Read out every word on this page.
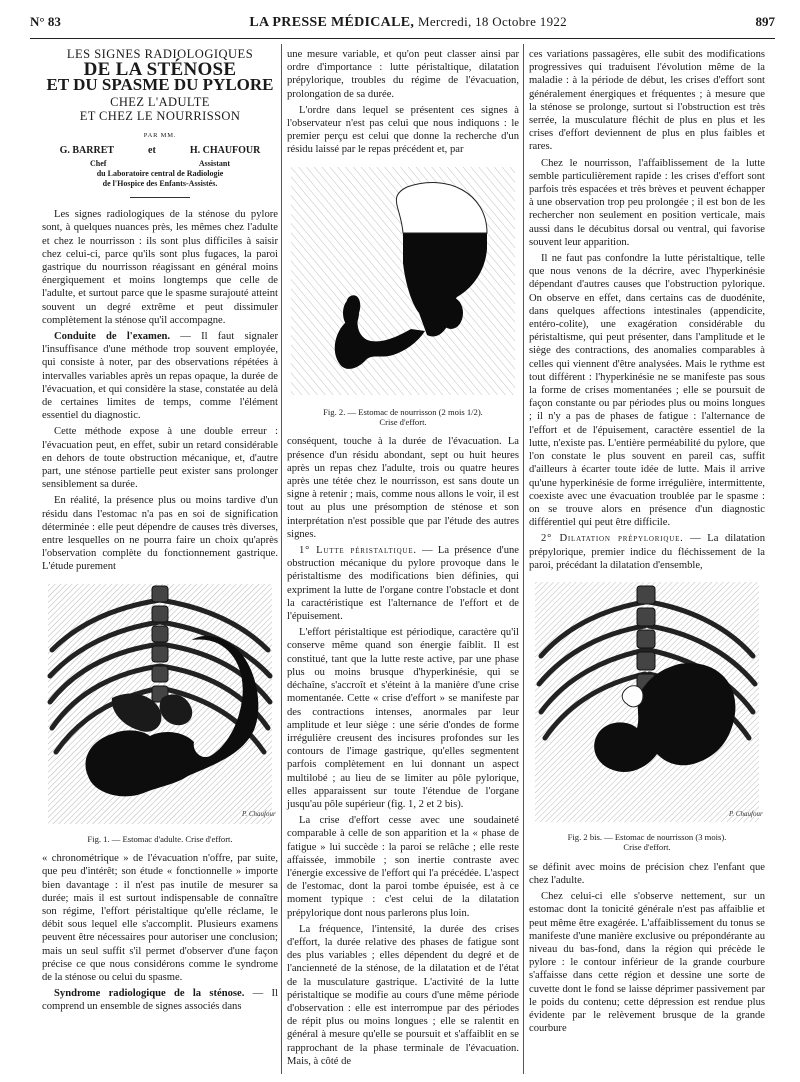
N° 83	LA PRESSE MÉDICALE, Mercredi, 18 Octobre 1922	897
LES SIGNES RADIOLOGIQUES
DE LA STÉNOSE
ET DU SPASME DU PYLORE
CHEZ L'ADULTE
ET CHEZ LE NOURRISSON
PAR MM.
G. BARRET	et	H. CHAUFOUR
Chef	Assistant
du Laboratoire central de Radiologie
de l'Hospice des Enfants-Assistés.

Les signes radiologiques de la sténose du pylore sont, à quelques nuances près, les mêmes chez l'adulte et chez le nourrisson : ils sont plus difficiles à saisir chez celui-ci, parce qu'ils sont plus fugaces, la paroi gastrique du nourrisson réagissant en général moins énergiquement et moins longtemps que celle de l'adulte, et surtout parce que le spasme surajouté atteint souvent un degré extrême et peut dissimuler complètement la sténose qu'il accompagne.

Conduite de l'examen. — Il faut signaler l'insuffisance d'une méthode trop souvent employée, qui consiste à noter, par des observations répétées à intervalles variables après un repas opaque, la durée de l'évacuation, et qui considère la stase, constatée au delà de certaines limites de temps, comme l'élément essentiel du diagnostic.

Cette méthode expose à une double erreur : l'évacuation peut, en effet, subir un retard considérable en dehors de toute obstruction mécanique, et, d'autre part, une sténose partielle peut exister sans prolonger sensiblement sa durée.

En réalité, la présence plus ou moins tardive d'un résidu dans l'estomac n'a pas en soi de signification déterminée : elle peut dépendre de causes très diverses, entre lesquelles on ne pourra faire un choix qu'après l'observation complète du fonctionnement gastrique. L'étude purement

P. Chaufour
Fig. 1. — Estomac d'adulte. Crise d'effort.

« chronométrique » de l'évacuation n'offre, par suite, que peu d'intérêt; son étude « fonctionnelle » importe bien davantage : il n'est pas inutile de mesurer sa durée; mais il est surtout indispensable de connaître son régime, l'effort péristaltique qu'elle réclame, le débit sous lequel elle s'accomplit. Plusieurs examens peuvent être nécessaires pour autoriser une conclusion; mais un seul suffit s'il permet d'observer d'une façon précise ce que nous considérons comme le syndrome de la sténose ou celui du spasme.

Syndrome radiologique de la sténose. — Il comprend un ensemble de signes associés dans

une mesure variable, et qu'on peut classer ainsi par ordre d'importance : lutte péristaltique, dilatation prépylorique, troubles du régime de l'évacuation, prolongation de sa durée.

L'ordre dans lequel se présentent ces signes à l'observateur n'est pas celui que nous indiquons : le premier perçu est celui que donne la recherche d'un résidu laissé par le repas précédent et, par

Fig. 2. — Estomac de nourrisson (2 mois 1/2).
Crise d'effort.

conséquent, touche à la durée de l'évacuation. La présence d'un résidu abondant, sept ou huit heures après un repas chez l'adulte, trois ou quatre heures après une tétée chez le nourrisson, est sans doute un signe à retenir ; mais, comme nous allons le voir, il est tout au plus une présomption de sténose et son interprétation n'est possible que par l'étude des autres signes.

1° Lutte péristaltique. — La présence d'une obstruction mécanique du pylore provoque dans le péristaltisme des modifications bien définies, qui expriment la lutte de l'organe contre l'obstacle et dont la caractéristique est l'alternance de l'effort et de l'épuisement.

L'effort péristaltique est périodique, caractère qu'il conserve même quand son énergie faiblit. Il est constitué, tant que la lutte reste active, par une phase plus ou moins brusque d'hyperkinésie, qui se déchaîne, s'accroît et s'éteint à la manière d'une crise momentanée. Cette « crise d'effort » se manifeste par des contractions intenses, anormales par leur amplitude et leur siège : une série d'ondes de forme irrégulière creusent des incisures profondes sur les contours de l'image gastrique, qu'elles segmentent parfois complètement en lui donnant un aspect multilobé ; au lieu de se limiter au pôle pylorique, elles apparaissent sur toute l'étendue de l'organe jusqu'au pôle supérieur (fig. 1, 2 et 2 bis).

La crise d'effort cesse avec une soudaineté comparable à celle de son apparition et la « phase de fatigue » lui succède : la paroi se relâche ; elle reste affaissée, immobile ; son inertie contraste avec l'énergie excessive de l'effort qui l'a précédée. L'aspect de l'estomac, dont la paroi tombe épuisée, est à ce moment typique : c'est celui de la dilatation prépylorique dont nous parlerons plus loin.

La fréquence, l'intensité, la durée des crises d'effort, la durée relative des phases de fatigue sont des plus variables ; elles dépendent du degré et de l'ancienneté de la sténose, de la dilatation et de l'état de la musculature gastrique. L'activité de la lutte péristaltique se modifie au cours d'une même période d'observation : elle est interrompue par des périodes de répit plus ou moins longues ; elle se ralentit en général à mesure qu'elle se poursuit et s'affaiblit en se rapprochant de la phase terminale de l'évacuation. Mais, à côté de

ces variations passagères, elle subit des modifications progressives qui traduisent l'évolution même de la maladie : à la période de début, les crises d'effort sont généralement énergiques et fréquentes ; à mesure que la sténose se prolonge, surtout si l'obstruction est très serrée, la musculature fléchit de plus en plus et les crises d'effort deviennent de plus en plus faibles et rares.

Chez le nourrisson, l'affaiblissement de la lutte semble particulièrement rapide : les crises d'effort sont parfois très espacées et très brèves et peuvent échapper à une observation trop peu prolongée ; il est bon de les rechercher non seulement en position verticale, mais aussi dans le décubitus dorsal ou ventral, qui favorise souvent leur apparition.

Il ne faut pas confondre la lutte péristaltique, telle que nous venons de la décrire, avec l'hyperkinésie dépendant d'autres causes que l'obstruction pylorique. On observe en effet, dans certains cas de duodénite, dans quelques affections intestinales (appendicite, entéro-colite), une exagération considérable du péristaltisme, qui peut présenter, dans l'amplitude et le siège des contractions, des anomalies comparables à celles qui viennent d'être analysées. Mais le rythme est tout différent : l'hyperkinésie ne se manifeste pas sous la forme de crises momentanées ; elle se poursuit de façon constante ou par périodes plus ou moins longues ; il n'y a pas de phases de fatigue : l'alternance de l'effort et de l'épuisement, caractère essentiel de la lutte, n'existe pas. L'entière perméabilité du pylore, que l'on constate le plus souvent en pareil cas, suffit d'ailleurs à écarter toute idée de lutte. Mais il arrive qu'une hyperkinésie de forme irrégulière, intermittente, coexiste avec une évacuation troublée par le spasme : on se trouve alors en présence d'un diagnostic différentiel qui peut être difficile.

2° Dilatation prépylorique. — La dilatation prépylorique, premier indice du fléchissement de la paroi, précédant la dilatation d'ensemble,

P. Chaufour
Fig. 2 bis. — Estomac de nourrisson (3 mois).
Crise d'effort.

se définit avec moins de précision chez l'enfant que chez l'adulte.

Chez celui-ci elle s'observe nettement, sur un estomac dont la tonicité générale n'est pas affaiblie et peut même être exagérée. L'affaiblissement du tonus se manifeste d'une manière exclusive ou prépondérante au niveau du bas-fond, dans la région qui précède le pylore : le contour inférieur de la grande courbure s'affaisse dans cette région et dessine une sorte de cuvette dont le fond se laisse déprimer passivement par le poids du contenu; cette dépression est rendue plus évidente par le relèvement brusque de la grande courbure
